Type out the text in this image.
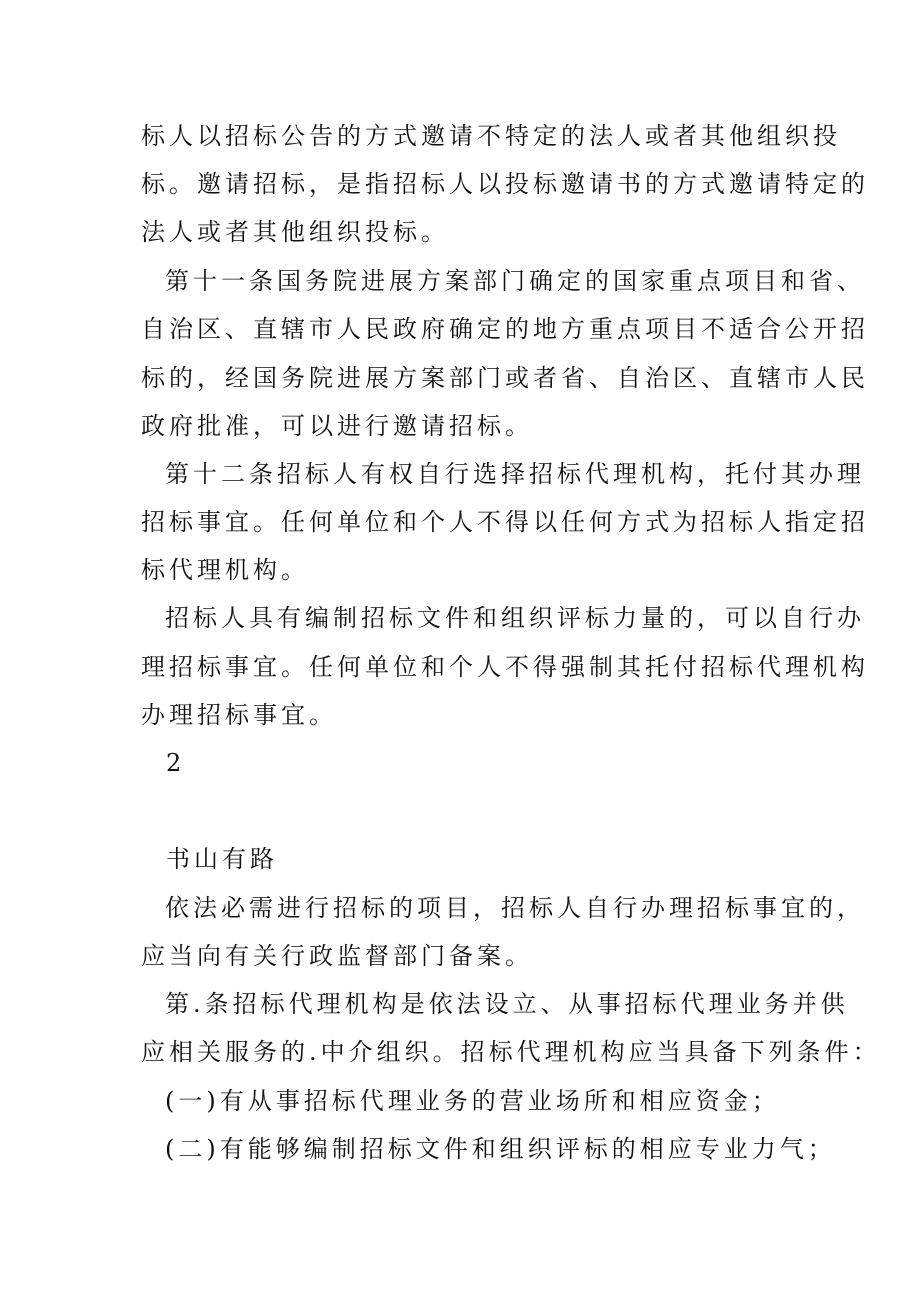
标人以招标公告的方式邀请不特定的法人或者其他组织投
标。邀请招标，是指招标人以投标邀请书的方式邀请特定的
法人或者其他组织投标。
第十一条国务院进展方案部门确定的国家重点项目和省、
自治区、直辖市人民政府确定的地方重点项目不适合公开招
标的，经国务院进展方案部门或者省、自治区、直辖市人民
政府批准，可以进行邀请招标。
第十二条招标人有权自行选择招标代理机构，托付其办理
招标事宜。任何单位和个人不得以任何方式为招标人指定招
标代理机构。
招标人具有编制招标文件和组织评标力量的，可以自行办
理招标事宜。任何单位和个人不得强制其托付招标代理机构
办理招标事宜。
2
书山有路
依法必需进行招标的项目，招标人自行办理招标事宜的，
应当向有关行政监督部门备案。
第.条招标代理机构是依法设立、从事招标代理业务并供
应相关服务的.中介组织。招标代理机构应当具备下列条件：
(一)有从事招标代理业务的营业场所和相应资金；
(二)有能够编制招标文件和组织评标的相应专业力气；
